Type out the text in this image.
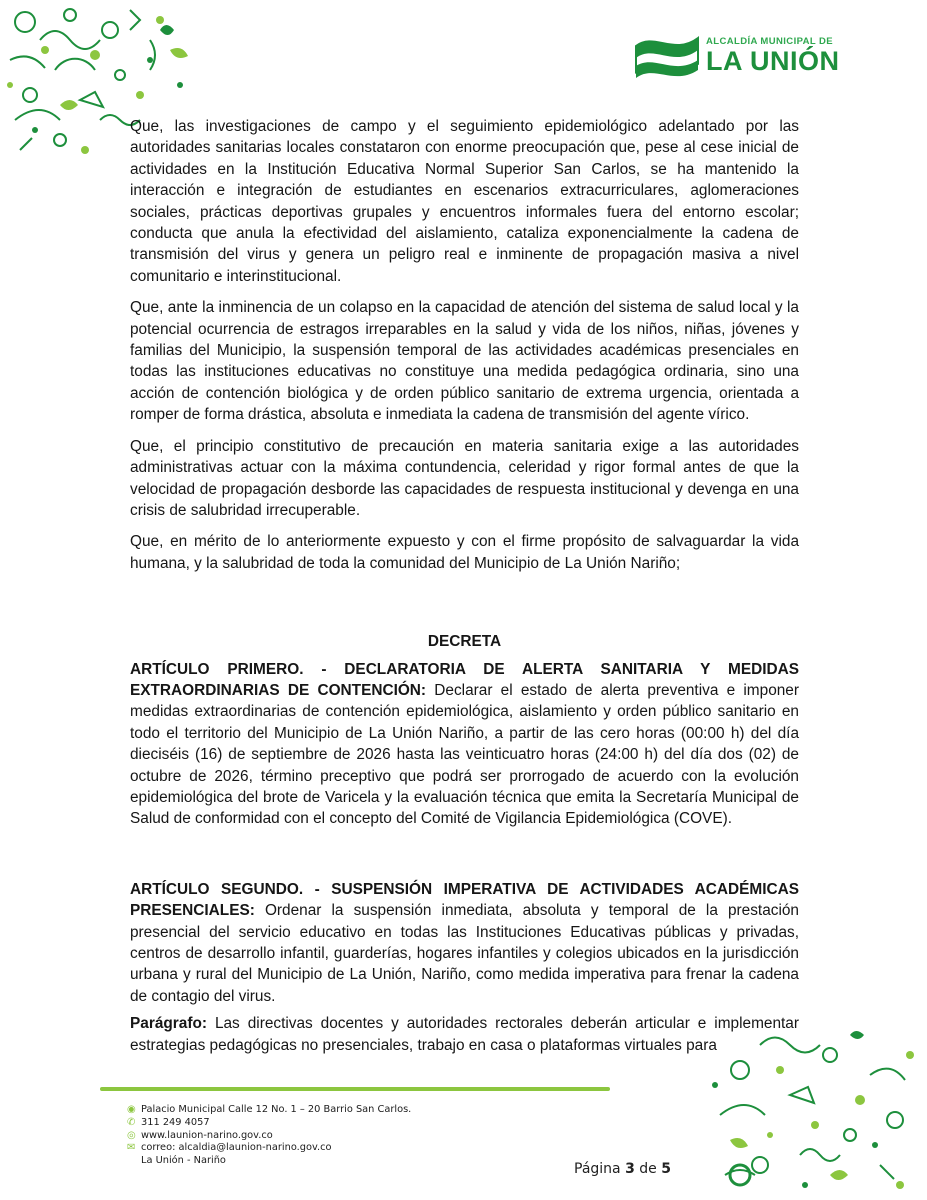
ALCALDÍA MUNICIPAL DE
LA UNIÓN

Que, las investigaciones de campo y el seguimiento epidemiológico adelantado por las autoridades sanitarias locales constataron con enorme preocupación que, pese al cese inicial de actividades en la Institución Educativa Normal Superior San Carlos, se ha mantenido la interacción e integración de estudiantes en escenarios extracurriculares, aglomeraciones sociales, prácticas deportivas grupales y encuentros informales fuera del entorno escolar; conducta que anula la efectividad del aislamiento, cataliza exponencialmente la cadena de transmisión del virus y genera un peligro real e inminente de propagación masiva a nivel comunitario e interinstitucional.

Que, ante la inminencia de un colapso en la capacidad de atención del sistema de salud local y la potencial ocurrencia de estragos irreparables en la salud y vida de los niños, niñas, jóvenes y familias del Municipio, la suspensión temporal de las actividades académicas presenciales en todas las instituciones educativas no constituye una medida pedagógica ordinaria, sino una acción de contención biológica y de orden público sanitario de extrema urgencia, orientada a romper de forma drástica, absoluta e inmediata la cadena de transmisión del agente vírico.

Que, el principio constitutivo de precaución en materia sanitaria exige a las autoridades administrativas actuar con la máxima contundencia, celeridad y rigor formal antes de que la velocidad de propagación desborde las capacidades de respuesta institucional y devenga en una crisis de salubridad irrecuperable.

Que, en mérito de lo anteriormente expuesto y con el firme propósito de salvaguardar la vida humana, y la salubridad de toda la comunidad del Municipio de La Unión Nariño;

DECRETA

ARTÍCULO PRIMERO. - DECLARATORIA DE ALERTA SANITARIA Y MEDIDAS EXTRAORDINARIAS DE CONTENCIÓN: Declarar el estado de alerta preventiva e imponer medidas extraordinarias de contención epidemiológica, aislamiento y orden público sanitario en todo el territorio del Municipio de La Unión Nariño, a partir de las cero horas (00:00 h) del día dieciséis (16) de septiembre de 2026 hasta las veinticuatro horas (24:00 h) del día dos (02) de octubre de 2026, término preceptivo que podrá ser prorrogado de acuerdo con la evolución epidemiológica del brote de Varicela y la evaluación técnica que emita la Secretaría Municipal de Salud de conformidad con el concepto del Comité de Vigilancia Epidemiológica (COVE).

ARTÍCULO SEGUNDO. - SUSPENSIÓN IMPERATIVA DE ACTIVIDADES ACADÉMICAS PRESENCIALES: Ordenar la suspensión inmediata, absoluta y temporal de la prestación presencial del servicio educativo en todas las Instituciones Educativas públicas y privadas, centros de desarrollo infantil, guarderías, hogares infantiles y colegios ubicados en la jurisdicción urbana y rural del Municipio de La Unión, Nariño, como medida imperativa para frenar la cadena de contagio del virus.

Parágrafo: Las directivas docentes y autoridades rectorales deberán articular e implementar estrategias pedagógicas no presenciales, trabajo en casa o plataformas virtuales para

◉ Palacio Municipal Calle 12 No. 1 – 20 Barrio San Carlos.
✆ 311 249 4057
◎ www.launion-narino.gov.co
✉ correo: alcaldia@launion-narino.gov.co
La Unión - Nariño
Página 3 de 5
